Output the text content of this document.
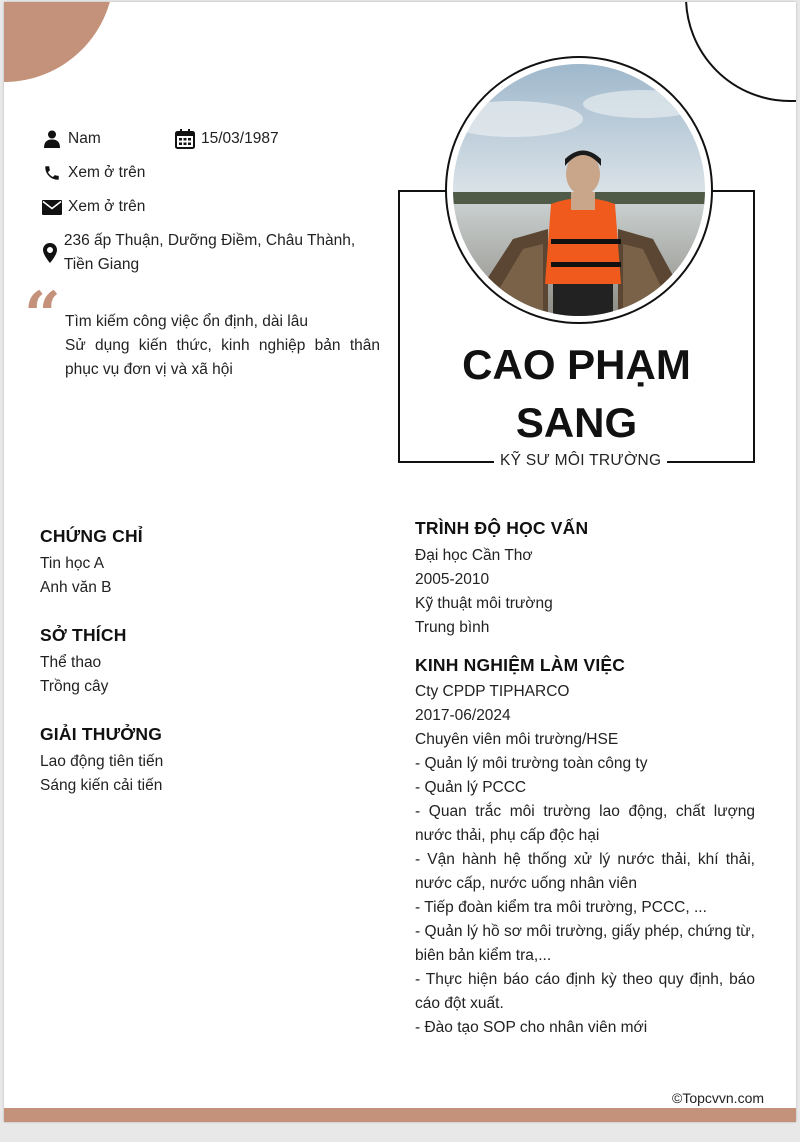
Nam	15/03/1987
Xem ở trên
Xem ở trên
236 ấp Thuận, Dưỡng Điềm, Châu Thành, Tiền Giang
“ Tìm kiếm công việc ổn định, dài lâu
Sử dụng kiến thức, kinh nghiệp bản thân phục vụ đơn vị và xã hội	CAO PHẠM
SANG
KỸ SƯ MÔI TRƯỜNG
CHỨNG CHỈ
Tin học A
Anh văn B
SỞ THÍCH
Thể thao
Trồng cây
GIẢI THƯỞNG
Lao động tiên tiến
Sáng kiến cải tiến
TRÌNH ĐỘ HỌC VẤN
Đại học Cần Thơ
2005-2010
Kỹ thuật môi trường
Trung bình
KINH NGHIỆM LÀM VIỆC
Cty CPDP TIPHARCO
2017-06/2024
Chuyên viên môi trường/HSE
- Quản lý môi trường toàn công ty
- Quản lý PCCC
- Quan trắc môi trường lao động, chất lượng nước thải, phụ cấp độc hại
- Vận hành hệ thống xử lý nước thải, khí thải, nước cấp, nước uống nhân viên
- Tiếp đoàn kiểm tra môi trường, PCCC, ...
- Quản lý hồ sơ môi trường, giấy phép, chứng từ, biên bản kiểm tra,...
- Thực hiện báo cáo định kỳ theo quy định, báo cáo đột xuất.
- Đào tạo SOP cho nhân viên mới
©Topcvvn.com
